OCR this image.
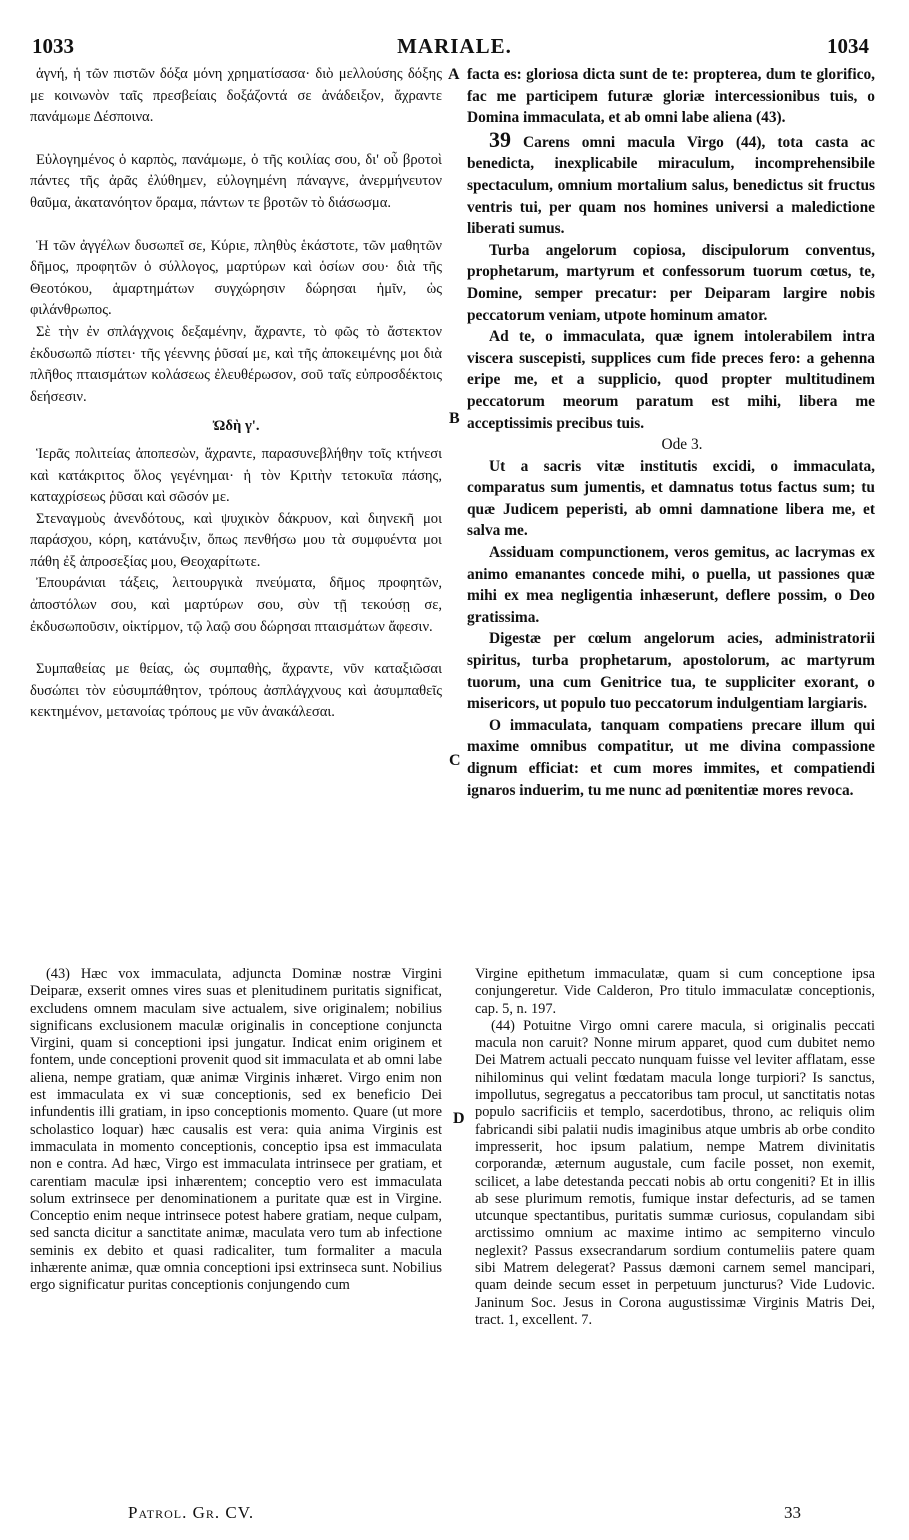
1033	MARIALE.	1034

ἁγνή, ἡ τῶν πιστῶν δόξα μόνη χρηματίσασα· διὸ μελλούσης δόξης με κοινωνὸν ταῖς πρεσβείαις δοξάζοντά σε ἀνάδειξον, ἄχραντε πανάμωμε Δέσποινα.

Εὐλογημένος ὁ καρπὸς, πανάμωμε, ὁ τῆς κοιλίας σου, δι' οὗ βροτοὶ πάντες τῆς ἀρᾶς ἐλύθημεν, εὐλογημένη πάναγνε, ἀνερμήνευτον θαῦμα, ἀκατανόητον ὅραμα, πάντων τε βροτῶν τὸ διάσωσμα.

Ἡ τῶν ἀγγέλων δυσωπεῖ σε, Κύριε, πληθὺς ἑκάστοτε, τῶν μαθητῶν δῆμος, προφητῶν ὁ σύλλογος, μαρτύρων καὶ ὁσίων σου· διὰ τῆς Θεοτόκου, ἁμαρτημάτων συγχώρησιν δώρησαι ἡμῖν, ὡς φιλάνθρωπος.

Σὲ τὴν ἐν σπλάγχνοις δεξαμένην, ἄχραντε, τὸ φῶς τὸ ἄστεκτον ἐκδυσωπῶ πίστει· τῆς γέεννης ῥῦσαί με, καὶ τῆς ἀποκειμένης μοι διὰ πλῆθος πταισμάτων κολάσεως ἐλευθέρωσον, σοῦ ταῖς εὐπροσδέκτοις δεήσεσιν.

Ὠδὴ γ'.

Ἱερᾶς πολιτείας ἀποπεσὼν, ἄχραντε, παρασυνεβλήθην τοῖς κτήνεσι καὶ κατάκριτος ὅλος γεγένημαι· ἡ τὸν Κριτὴν τετοκυῖα πάσης, καταχρίσεως ῥῦσαι καὶ σῶσόν με.

Στεναγμοὺς ἀνενδότους, καὶ ψυχικὸν δάκρυον, καὶ διηνεκῆ μοι παράσχου, κόρη, κατάνυξιν, ὅπως πενθήσω μου τὰ συμφυέντα μοι πάθη ἐξ ἀπροσεξίας μου, Θεοχαρίτωτε.

Ἐπουράνιαι τάξεις, λειτουργικὰ πνεύματα, δῆμος προφητῶν, ἀποστόλων σου, καὶ μαρτύρων σου, σὺν τῇ τεκούσῃ σε, ἐκδυσωποῦσιν, οἰκτίρμον, τῷ λαῷ σου δώρησαι πταισμάτων ἄφεσιν.

Συμπαθείας με θείας, ὡς συμπαθὴς, ἄχραντε, νῦν καταξιῶσαι δυσώπει τὸν εὐσυμπάθητον, τρόπους ἀσπλάγχνους καὶ ἀσυμπαθεῖς κεκτημένον, μετανοίας τρόπους με νῦν ἀνακάλεσαι.

A
B
C
D

facta es: gloriosa dicta sunt de te: propterea, dum te glorifico, fac me participem futuræ gloriæ intercessionibus tuis, o Domina immaculata, et ab omni labe aliena (43).

39 Carens omni macula Virgo (44), tota casta ac benedicta, inexplicabile miraculum, incomprehensibile spectaculum, omnium mortalium salus, benedictus sit fructus ventris tui, per quam nos homines universi a maledictione liberati sumus.

Turba angelorum copiosa, discipulorum conventus, prophetarum, martyrum et confessorum tuorum cœtus, te, Domine, semper precatur: per Deiparam largire nobis peccatorum veniam, utpote hominum amator.

Ad te, o immaculata, quæ ignem intolerabilem intra viscera suscepisti, supplices cum fide preces fero: a gehenna eripe me, et a supplicio, quod propter multitudinem peccatorum meorum paratum est mihi, libera me acceptissimis precibus tuis.

Ode 3.

Ut a sacris vitæ institutis excidi, o immaculata, comparatus sum jumentis, et damnatus totus factus sum; tu quæ Judicem peperisti, ab omni damnatione libera me, et salva me.

Assiduam compunctionem, veros gemitus, ac lacrymas ex animo emanantes concede mihi, o puella, ut passiones quæ mihi ex mea negligentia inhæserunt, deflere possim, o Deo gratissima.

Digestæ per cœlum angelorum acies, administratorii spiritus, turba prophetarum, apostolorum, ac martyrum tuorum, una cum Genitrice tua, te suppliciter exorant, o misericors, ut populo tuo peccatorum indulgentiam largiaris.

O immaculata, tanquam compatiens precare illum qui maxime omnibus compatitur, ut me divina compassione dignum efficiat: et cum mores immites, et compatiendi ignaros induerim, tu me nunc ad pœnitentiæ mores revoca.

(43) Hæc vox immaculata, adjuncta Dominæ nostræ Virgini Deiparæ, exserit omnes vires suas et plenitudinem puritatis significat, excludens omnem maculam sive actualem, sive originalem; nobilius significans exclusionem maculæ originalis in conceptione conjuncta Virgini, quam si conceptioni ipsi jungatur. Indicat enim originem et fontem, unde conceptioni provenit quod sit immaculata et ab omni labe aliena, nempe gratiam, quæ animæ Virginis inhæret. Virgo enim non est immaculata ex vi suæ conceptionis, sed ex beneficio Dei infundentis illi gratiam, in ipso conceptionis momento. Quare (ut more scholastico loquar) hæc causalis est vera: quia anima Virginis est immaculata in momento conceptionis, conceptio ipsa est immaculata non e contra. Ad hæc, Virgo est immaculata intrinsece per gratiam, et carentiam maculæ ipsi inhærentem; conceptio vero est immaculata solum extrinsece per denominationem a puritate quæ est in Virgine. Conceptio enim neque intrinsece potest habere gratiam, neque culpam, sed sancta dicitur a sanctitate animæ, maculata vero tum ab infectione seminis ex debito et quasi radicaliter, tum formaliter a macula inhærente animæ, quæ omnia conceptioni ipsi extrinseca sunt. Nobilius ergo significatur puritas conceptionis conjungendo cum

Virgine epithetum immaculatæ, quam si cum conceptione ipsa conjungeretur. Vide Calderon, Pro titulo immaculatæ conceptionis, cap. 5, n. 197.

(44) Potuitne Virgo omni carere macula, si originalis peccati macula non caruit? Nonne mirum apparet, quod cum dubitet nemo Dei Matrem actuali peccato nunquam fuisse vel leviter afflatam, esse nihilominus qui velint fœdatam macula longe turpiori? Is sanctus, impollutus, segregatus a peccatoribus tam procul, ut sanctitatis notas populo sacrificiis et templo, sacerdotibus, throno, ac reliquis olim fabricandi sibi palatii nudis imaginibus atque umbris ab orbe condito impresserit, hoc ipsum palatium, nempe Matrem divinitatis corporandæ, æternum augustale, cum facile posset, non exemit, scilicet, a labe detestanda peccati nobis ab ortu congeniti? Et in illis ab sese plurimum remotis, fumique instar defecturis, ad se tamen utcunque spectantibus, puritatis summæ curiosus, copulandam sibi arctissimo omnium ac maxime intimo ac sempiterno vinculo neglexit? Passus exsecrandarum sordium contumeliis patere quam sibi Matrem delegerat? Passus dæmoni carnem semel mancipari, quam deinde secum esset in perpetuum juncturus? Vide Ludovic. Janinum Soc. Jesus in Corona augustissimæ Virginis Matris Dei, tract. 1, excellent. 7.

Patrol. Gr. CV.	33
